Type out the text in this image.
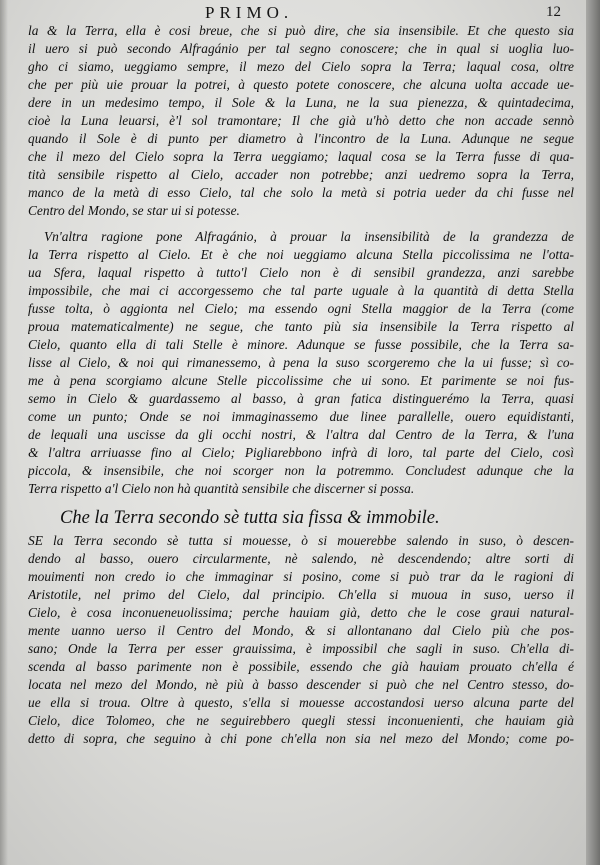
PRIMO.	12
la & la Terra, ella è cosi breue, che si può dire, che sia insensibile. Et che questo sia
il uero si può secondo Alfragánio per tal segno conoscere; che in qual si uoglia luo-
gho ci siamo, ueggiamo sempre, il mezo del Cielo sopra la Terra; laqual cosa, oltre
che per più uie prouar la potrei, à questo potete conoscere, che alcuna uolta accade ue-
dere in un medesimo tempo, il Sole & la Luna, ne la sua pienezza, & quintadecima,
cioè la Luna leuarsi, è'l sol tramontare; Il che già u'hò detto che non accade sennò
quando il Sole è di punto per diametro à l'incontro de la Luna. Adunque ne segue
che il mezo del Cielo sopra la Terra ueggiamo; laqual cosa se la Terra fusse di qua-
tità sensibile rispetto al Cielo, accader non potrebbe; anzi uedremo sopra la Terra,
manco de la metà di esso Cielo, tal che solo la metà si potria ueder da chi fusse nel
Centro del Mondo, se star ui si potesse.
Vn'altra ragione pone Alfragánio, à prouar la insensibilità de la grandezza de
la Terra rispetto al Cielo. Et è che noi ueggiamo alcuna Stella piccolissima ne l'otta-
ua Sfera, laqual rispetto à tutto'l Cielo non è di sensibil grandezza, anzi sarebbe
impossibile, che mai ci accorgessemo che tal parte uguale à la quantità di detta Stella
fusse tolta, ò aggionta nel Cielo; ma essendo ogni Stella maggior de la Terra (come
proua matematicalmente) ne segue, che tanto più sia insensibile la Terra rispetto al
Cielo, quanto ella di tali Stelle è minore. Adunque se fusse possibile, che la Terra sa-
lisse al Cielo, & noi qui rimanessemo, à pena la suso scorgeremo che la ui fusse; sì co-
me à pena scorgiamo alcune Stelle piccolissime che ui sono. Et parimente se noi fus-
semo in Cielo & guardassemo al basso, à gran fatica distinguerémo la Terra, quasi
come un punto; Onde se noi immaginassemo due linee parallelle, ouero equidistanti,
de lequali una uscisse da gli occhi nostri, & l'altra dal Centro de la Terra, & l'una
& l'altra arriuasse fino al Cielo; Pigliarebbono infrà di loro, tal parte del Cielo, così
piccola, & insensibile, che noi scorger non la potremmo. Concludest adunque che la
Terra rispetto a'l Cielo non hà quantità sensibile che discerner si possa.
Che la Terra secondo sè tutta sia fissa & immobile.
SE la Terra secondo sè tutta si mouesse, ò si mouerebbe salendo in suso, ò descen-
dendo al basso, ouero circularmente, nè salendo, nè descendendo; altre sorti di
mouimenti non credo io che immaginar si posino, come si può trar da le ragioni di
Aristotile, nel primo del Cielo, dal principio. Ch'ella si muoua in suso, uerso il
Cielo, è cosa inconueneuolissima; perche hauiam già, detto che le cose graui natural-
mente uanno uerso il Centro del Mondo, & si allontanano dal Cielo più che pos-
sano; Onde la Terra per esser grauissima, è impossibil che sagli in suso. Ch'ella di-
scenda al basso parimente non è possibile, essendo che già hauiam prouato ch'ella é
locata nel mezo del Mondo, nè più à basso descender si può che nel Centro stesso, do-
ue ella si troua. Oltre à questo, s'ella si mouesse accostandosi uerso alcuna parte del
Cielo, dice Tolomeo, che ne seguirebbero quegli stessi inconuenienti, che hauiam già
detto di sopra, che seguino à chi pone ch'ella non sia nel mezo del Mondo; come po-
